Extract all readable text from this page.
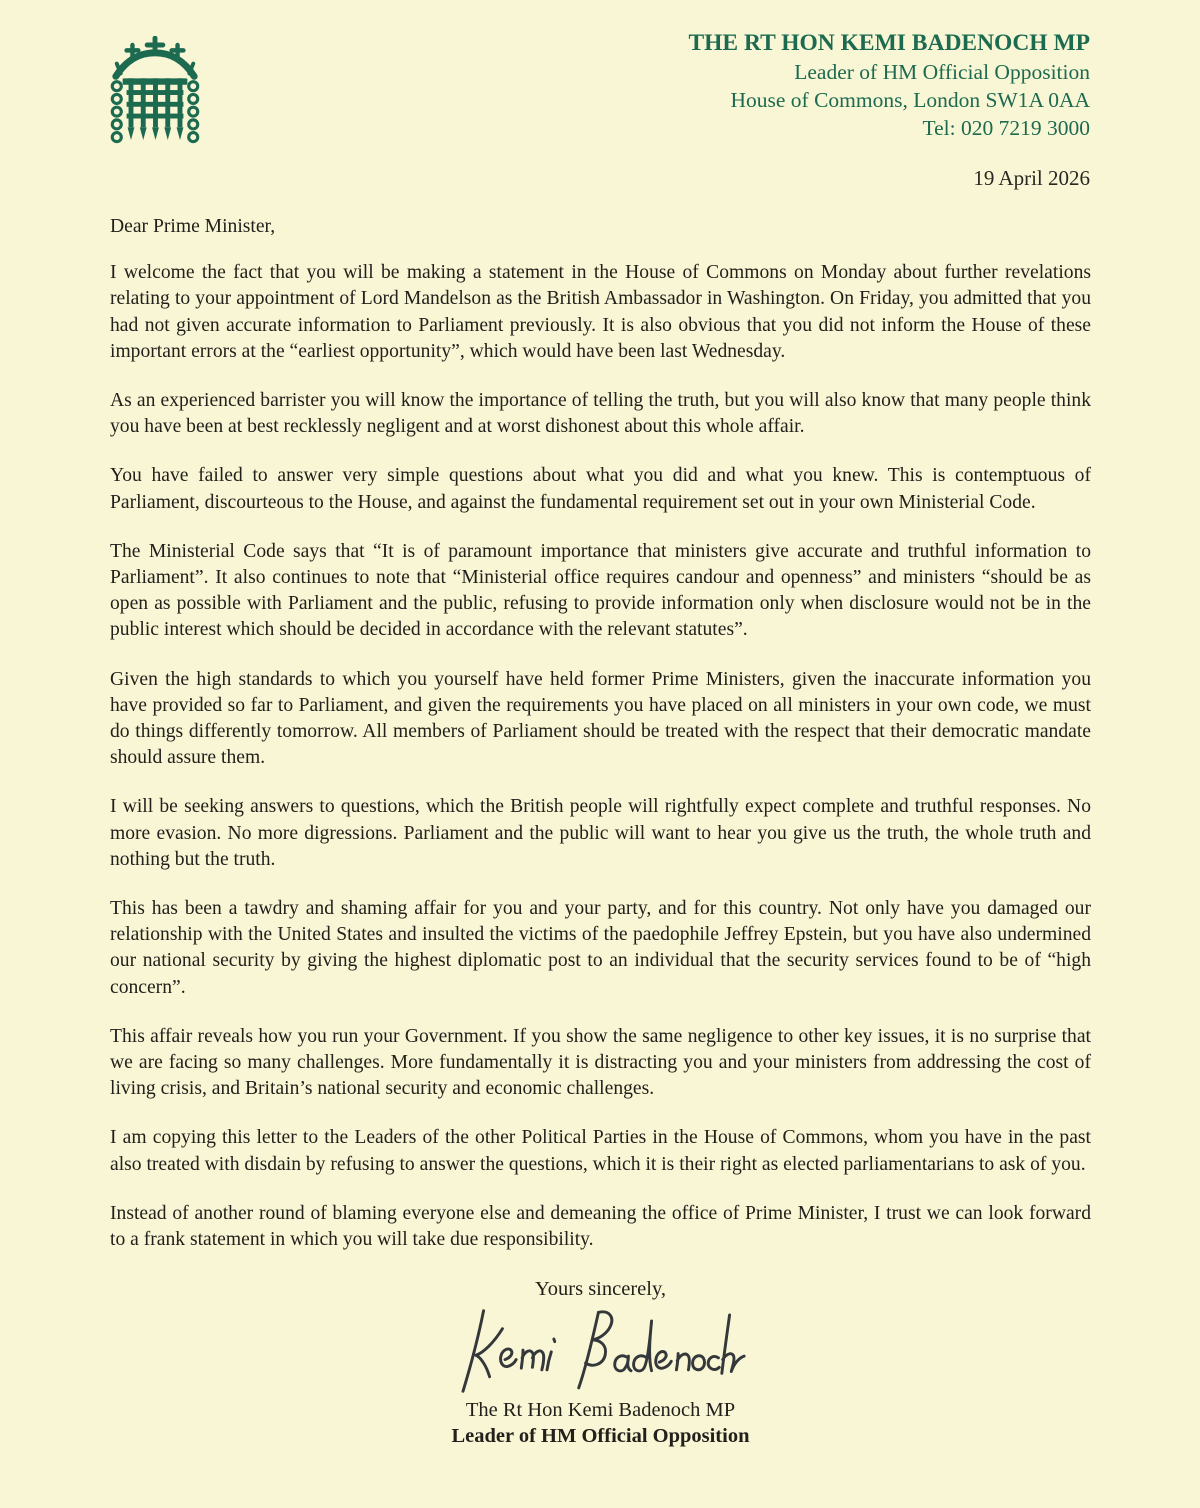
THE RT HON KEMI BADENOCH MP
Leader of HM Official Opposition
House of Commons, London SW1A 0AA
Tel: 020 7219 3000
19 April 2026

Dear Prime Minister,

I welcome the fact that you will be making a statement in the House of Commons on Monday about further revelations relating to your appointment of Lord Mandelson as the British Ambassador in Washington. On Friday, you admitted that you had not given accurate information to Parliament previously. It is also obvious that you did not inform the House of these important errors at the “earliest opportunity”, which would have been last Wednesday.

As an experienced barrister you will know the importance of telling the truth, but you will also know that many people think you have been at best recklessly negligent and at worst dishonest about this whole affair.

You have failed to answer very simple questions about what you did and what you knew. This is contemptuous of Parliament, discourteous to the House, and against the fundamental requirement set out in your own Ministerial Code.

The Ministerial Code says that “It is of paramount importance that ministers give accurate and truthful information to Parliament”. It also continues to note that “Ministerial office requires candour and openness” and ministers “should be as open as possible with Parliament and the public, refusing to provide information only when disclosure would not be in the public interest which should be decided in accordance with the relevant statutes”.

Given the high standards to which you yourself have held former Prime Ministers, given the inaccurate information you have provided so far to Parliament, and given the requirements you have placed on all ministers in your own code, we must do things differently tomorrow. All members of Parliament should be treated with the respect that their democratic mandate should assure them.

I will be seeking answers to questions, which the British people will rightfully expect complete and truthful responses. No more evasion. No more digressions. Parliament and the public will want to hear you give us the truth, the whole truth and nothing but the truth.

This has been a tawdry and shaming affair for you and your party, and for this country. Not only have you damaged our relationship with the United States and insulted the victims of the paedophile Jeffrey Epstein, but you have also undermined our national security by giving the highest diplomatic post to an individual that the security services found to be of “high concern”.

This affair reveals how you run your Government. If you show the same negligence to other key issues, it is no surprise that we are facing so many challenges. More fundamentally it is distracting you and your ministers from addressing the cost of living crisis, and Britain’s national security and economic challenges.

I am copying this letter to the Leaders of the other Political Parties in the House of Commons, whom you have in the past also treated with disdain by refusing to answer the questions, which it is their right as elected parliamentarians to ask of you.

Instead of another round of blaming everyone else and demeaning the office of Prime Minister, I trust we can look forward to a frank statement in which you will take due responsibility.

Yours sincerely,
The Rt Hon Kemi Badenoch MP
Leader of HM Official Opposition
